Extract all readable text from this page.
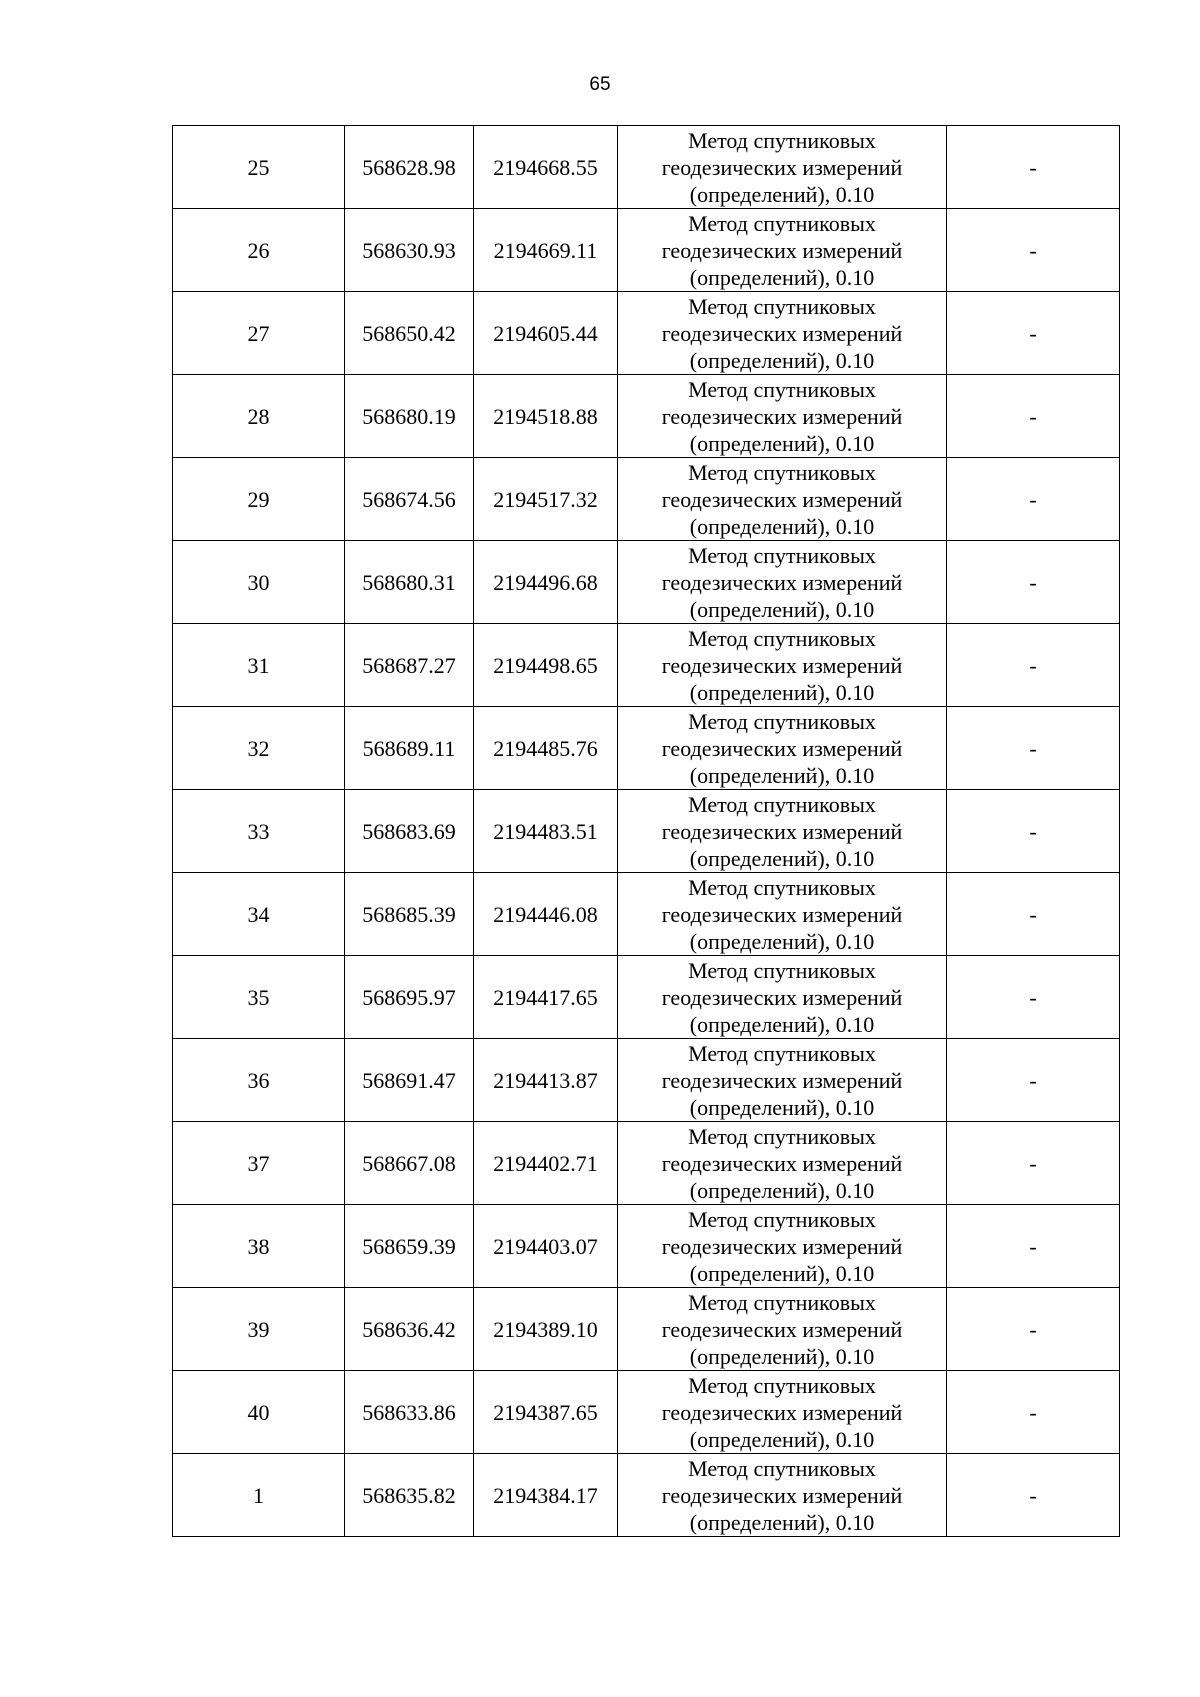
65
25	568628.98	2194668.55	Метод спутниковых
геодезических измерений
(определений), 0.10	-
26	568630.93	2194669.11	Метод спутниковых
геодезических измерений
(определений), 0.10	-
27	568650.42	2194605.44	Метод спутниковых
геодезических измерений
(определений), 0.10	-
28	568680.19	2194518.88	Метод спутниковых
геодезических измерений
(определений), 0.10	-
29	568674.56	2194517.32	Метод спутниковых
геодезических измерений
(определений), 0.10	-
30	568680.31	2194496.68	Метод спутниковых
геодезических измерений
(определений), 0.10	-
31	568687.27	2194498.65	Метод спутниковых
геодезических измерений
(определений), 0.10	-
32	568689.11	2194485.76	Метод спутниковых
геодезических измерений
(определений), 0.10	-
33	568683.69	2194483.51	Метод спутниковых
геодезических измерений
(определений), 0.10	-
34	568685.39	2194446.08	Метод спутниковых
геодезических измерений
(определений), 0.10	-
35	568695.97	2194417.65	Метод спутниковых
геодезических измерений
(определений), 0.10	-
36	568691.47	2194413.87	Метод спутниковых
геодезических измерений
(определений), 0.10	-
37	568667.08	2194402.71	Метод спутниковых
геодезических измерений
(определений), 0.10	-
38	568659.39	2194403.07	Метод спутниковых
геодезических измерений
(определений), 0.10	-
39	568636.42	2194389.10	Метод спутниковых
геодезических измерений
(определений), 0.10	-
40	568633.86	2194387.65	Метод спутниковых
геодезических измерений
(определений), 0.10	-
1	568635.82	2194384.17	Метод спутниковых
геодезических измерений
(определений), 0.10	-
